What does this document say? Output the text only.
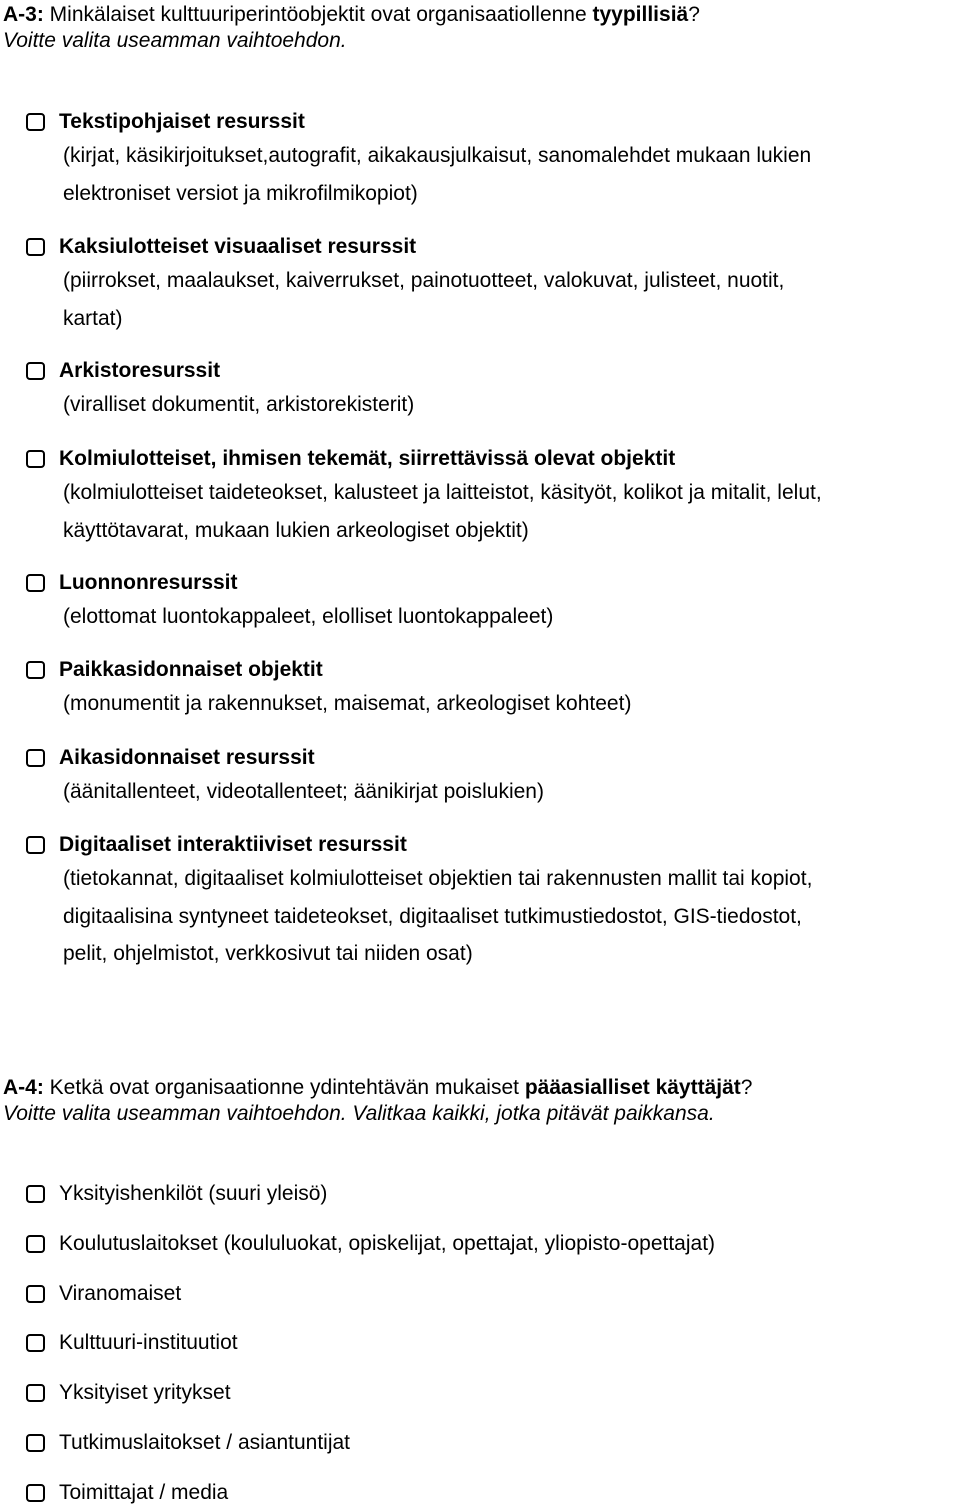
A-3: Minkälaiset kulttuuriperintöobjektit ovat organisaatiollenne tyypillisiä?
Voitte valita useamman vaihtoehdon.
Tekstipohjaiset resurssit
(kirjat, käsikirjoitukset,autografit, aikakausjulkaisut, sanomalehdet mukaan lukien
elektroniset versiot ja mikrofilmikopiot)
Kaksiulotteiset visuaaliset resurssit
(piirrokset, maalaukset, kaiverrukset, painotuotteet, valokuvat, julisteet, nuotit,
kartat)
Arkistoresurssit
(viralliset dokumentit, arkistorekisterit)
Kolmiulotteiset, ihmisen tekemät, siirrettävissä olevat objektit
(kolmiulotteiset taideteokset, kalusteet ja laitteistot, käsityöt, kolikot ja mitalit, lelut,
käyttötavarat, mukaan lukien arkeologiset objektit)
Luonnonresurssit
(elottomat luontokappaleet, elolliset luontokappaleet)
Paikkasidonnaiset objektit
(monumentit ja rakennukset, maisemat, arkeologiset kohteet)
Aikasidonnaiset resurssit
(äänitallenteet, videotallenteet; äänikirjat poislukien)
Digitaaliset interaktiiviset resurssit
(tietokannat, digitaaliset kolmiulotteiset objektien tai rakennusten mallit tai kopiot,
digitaalisina syntyneet taideteokset, digitaaliset tutkimustiedostot, GIS-tiedostot,
pelit, ohjelmistot, verkkosivut tai niiden osat)
A-4: Ketkä ovat organisaationne ydintehtävän mukaiset pääasialliset käyttäjät?
Voitte valita useamman vaihtoehdon. Valitkaa kaikki, jotka pitävät paikkansa.
Yksityishenkilöt (suuri yleisö)
Koulutuslaitokset (koululuokat, opiskelijat, opettajat, yliopisto-opettajat)
Viranomaiset
Kulttuuri-instituutiot
Yksityiset yritykset
Tutkimuslaitokset / asiantuntijat
Toimittajat / media
